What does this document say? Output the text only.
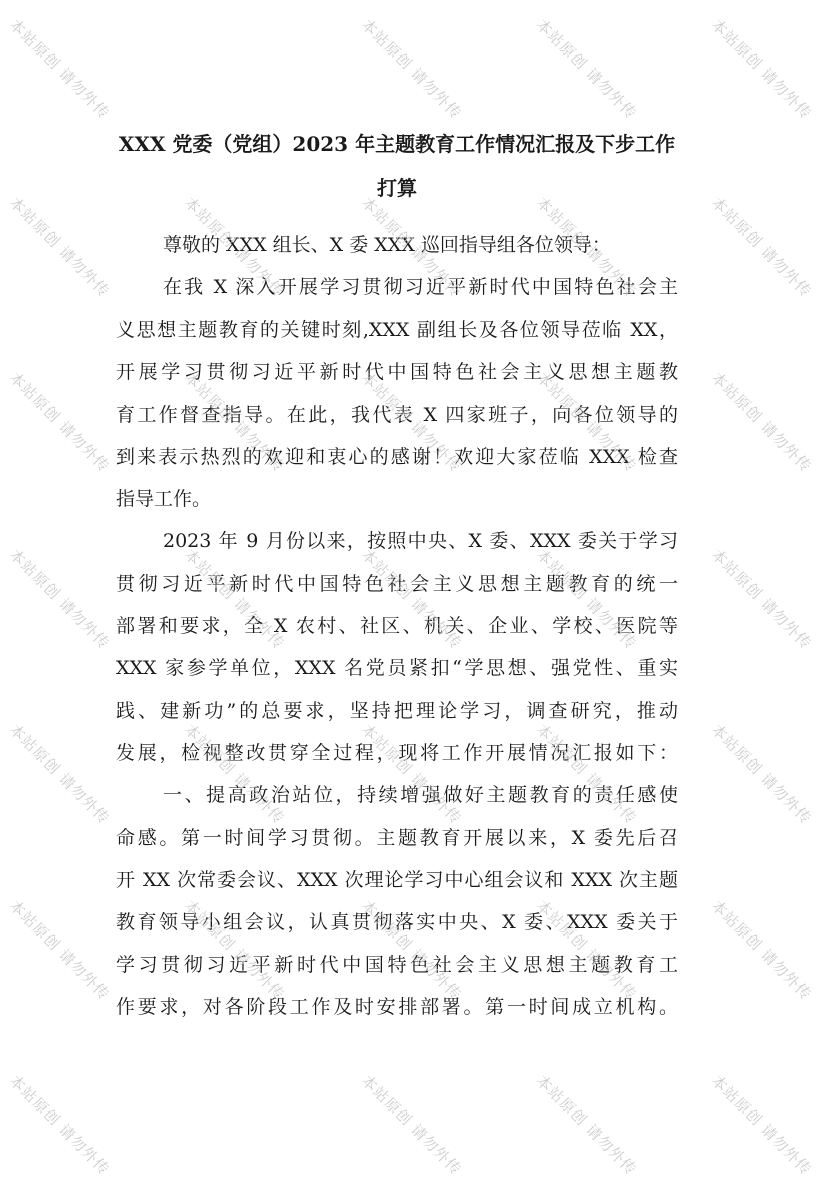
XXX 党委（党组）2023 年主题教育工作情况汇报及下步工作
打算
尊敬的 XXX 组长、X 委 XXX 巡回指导组各位领导：
在我 X 深入开展学习贯彻习近平新时代中国特色社会主
义思想主题教育的关键时刻,XXX 副组长及各位领导莅临 XX，
开展学习贯彻习近平新时代中国特色社会主义思想主题教
育工作督查指导。在此，我代表 X 四家班子，向各位领导的
到来表示热烈的欢迎和衷心的感谢！欢迎大家莅临 XXX 检查
指导工作。
2023 年 9 月份以来，按照中央、X 委、XXX 委关于学习
贯彻习近平新时代中国特色社会主义思想主题教育的统一
部署和要求，全 X 农村、社区、机关、企业、学校、医院等
XXX 家参学单位，XXX 名党员紧扣“学思想、强党性、重实
践、建新功”的总要求，坚持把理论学习，调查研究，推动
发展，检视整改贯穿全过程，现将工作开展情况汇报如下：
一、提高政治站位，持续增强做好主题教育的责任感使
命感。第一时间学习贯彻。主题教育开展以来，X 委先后召
开 XX 次常委会议、XXX 次理论学习中心组会议和 XXX 次主题
教育领导小组会议，认真贯彻落实中央、X 委、XXX 委关于
学习贯彻习近平新时代中国特色社会主义思想主题教育工
作要求，对各阶段工作及时安排部署。第一时间成立机构。
本站原创 请勿外传	本站原创 请勿外传	本站原创 请勿外传	本站原创 请勿外传
本站原创 请勿外传	本站原创 请勿外传	本站原创 请勿外传	本站原创 请勿外传	本站原创 请勿外传
本站原创 请勿外传	本站原创 请勿外传	本站原创 请勿外传	本站原创 请勿外传	本站原创 请勿外传
本站原创 请勿外传	本站原创 请勿外传	本站原创 请勿外传	本站原创 请勿外传	本站原创 请勿外传
本站原创 请勿外传	本站原创 请勿外传	本站原创 请勿外传	本站原创 请勿外传	本站原创 请勿外传
本站原创 请勿外传	本站原创 请勿外传	本站原创 请勿外传	本站原创 请勿外传	本站原创 请勿外传
本站原创 请勿外传	本站原创 请勿外传	本站原创 请勿外传	本站原创 请勿外传
